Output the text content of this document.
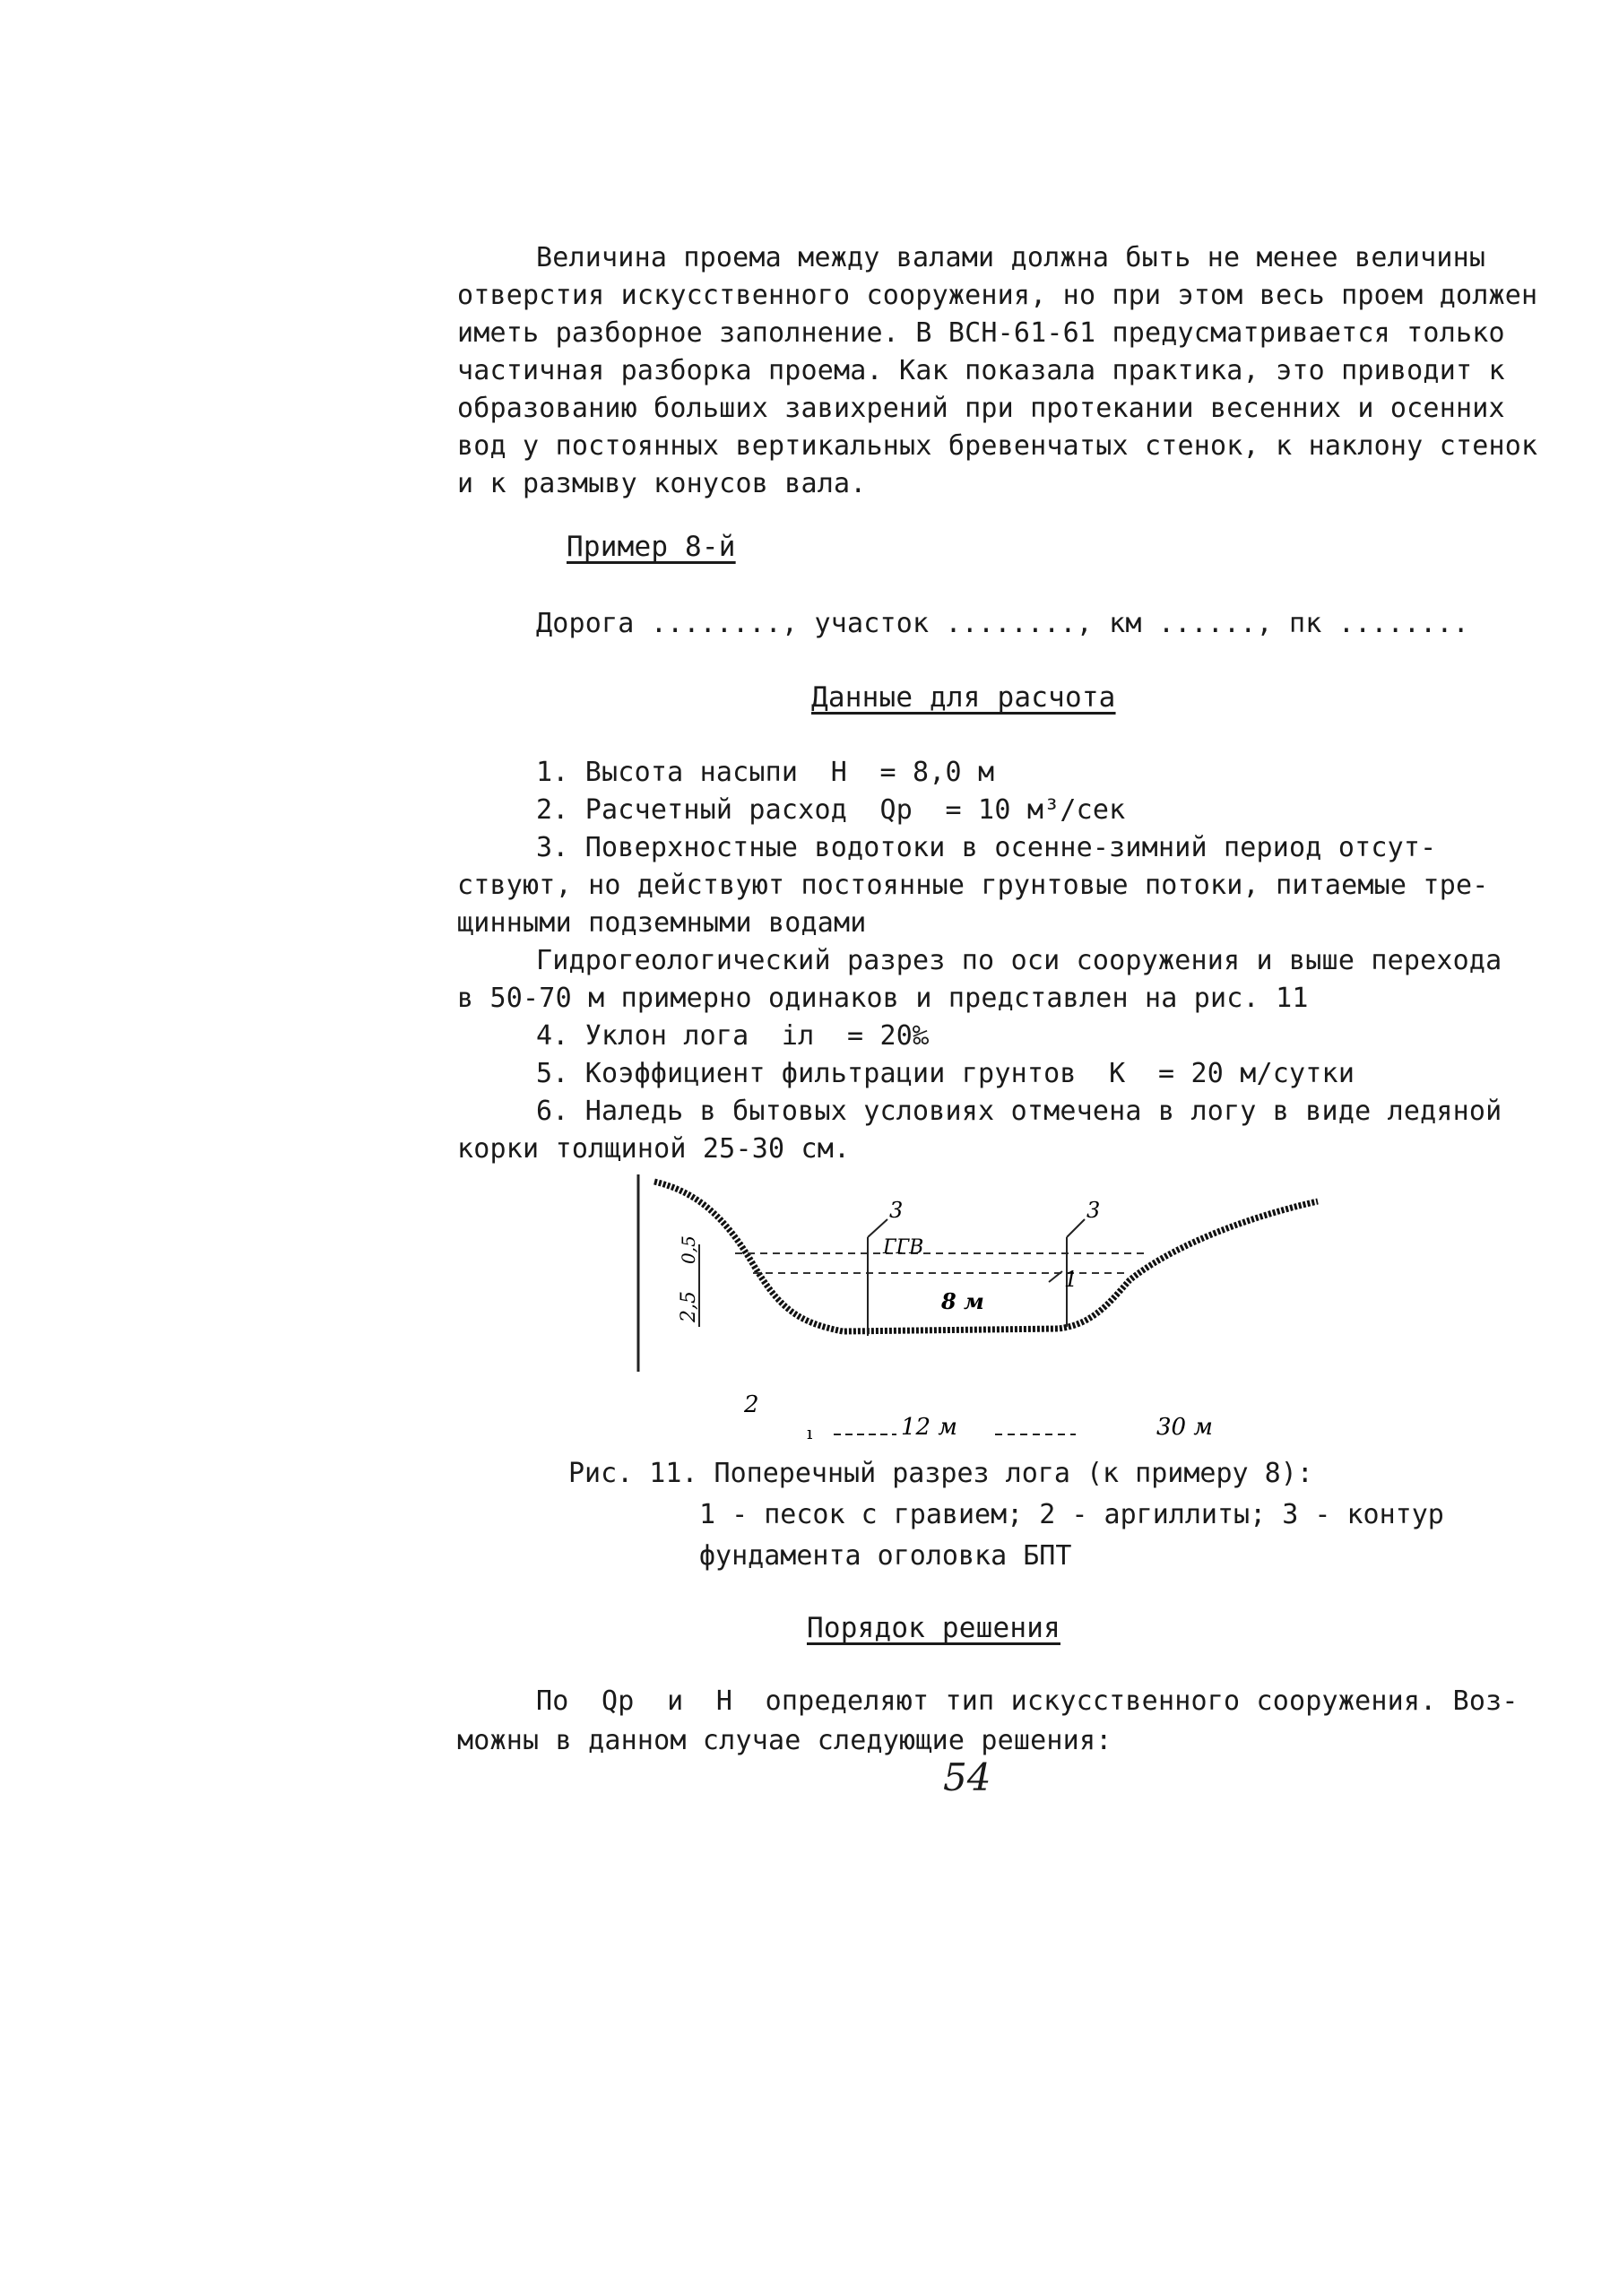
Величина проема между валами должна быть не менее величины
отверстия искусственного сооружения, но при этом весь проем должен
иметь разборное заполнение. В ВСН-61-61 предусматривается только
частичная разборка проема. Как показала практика, это приводит к
образованию больших завихрений при протекании весенних и осенних
вод у постоянных вертикальных бревенчатых стенок, к наклону стенок
и к размыву конусов вала.
Пример 8-й
Дорога ........, участок ........, км ......, пк ........
Данные для расчота
1. Высота насыпи  H  = 8,0 м
2. Расчетный расход  Qp  = 10 м³/сек
3. Поверхностные водотоки в осенне-зимний период отсут-
ствуют, но действуют постоянные грунтовые потоки, питаемые тре-
щинными подземными водами
Гидрогеологический разрез по оси сооружения и выше перехода
в 50-70 м примерно одинаков и представлен на рис. 11
4. Уклон лога  iл  = 20‰
5. Коэффициент фильтрации грунтов  K  = 20 м/сутки
6. Наледь в бытовых условиях отмечена в логу в виде ледяной
корки толщиной 25-30 см.
2,5
0,5
3	3
ГГВ
8 м
1
2
ı	12 м	30 м
Рис. 11. Поперечный разрез лога (к примеру 8):
1 - песок с гравием; 2 - аргиллиты; 3 - контур
фундамента оголовка БПТ
Порядок решения
По  Qp  и  H  определяют тип искусственного сооружения. Воз-
можны в данном случае следующие решения:
54
